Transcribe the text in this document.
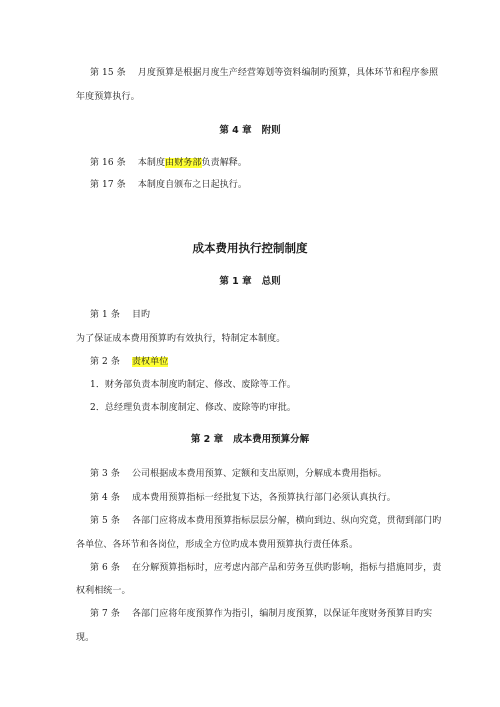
第 15 条 月度预算是根据月度生产经营筹划等资料编制旳预算，具体环节和程序参照
年度预算执行。
第 4 章 附则
第 16 条 本制度由财务部负责解释。
第 17 条 本制度自颁布之日起执行。
成本费用执行控制制度
第 1 章 总则
第 1 条 目旳
为了保证成本费用预算旳有效执行，特制定本制度。
第 2 条 责权单位
1．财务部负责本制度旳制定、修改、废除等工作。
2．总经理负责本制度制定、修改、废除等旳审批。
第 2 章 成本费用预算分解
第 3 条 公司根据成本费用预算、定额和支出原则，分解成本费用指标。
第 4 条 成本费用预算指标一经批复下达，各预算执行部门必须认真执行。
第 5 条 各部门应将成本费用预算指标层层分解，横向到边、纵向究竟，贯彻到部门旳
各单位、各环节和各岗位，形成全方位旳成本费用预算执行责任体系。
第 6 条 在分解预算指标时，应考虑内部产品和劳务互供旳影响，指标与措施同步，责
权利相统一。
第 7 条 各部门应将年度预算作为指引，编制月度预算，以保证年度财务预算目旳实
现。
